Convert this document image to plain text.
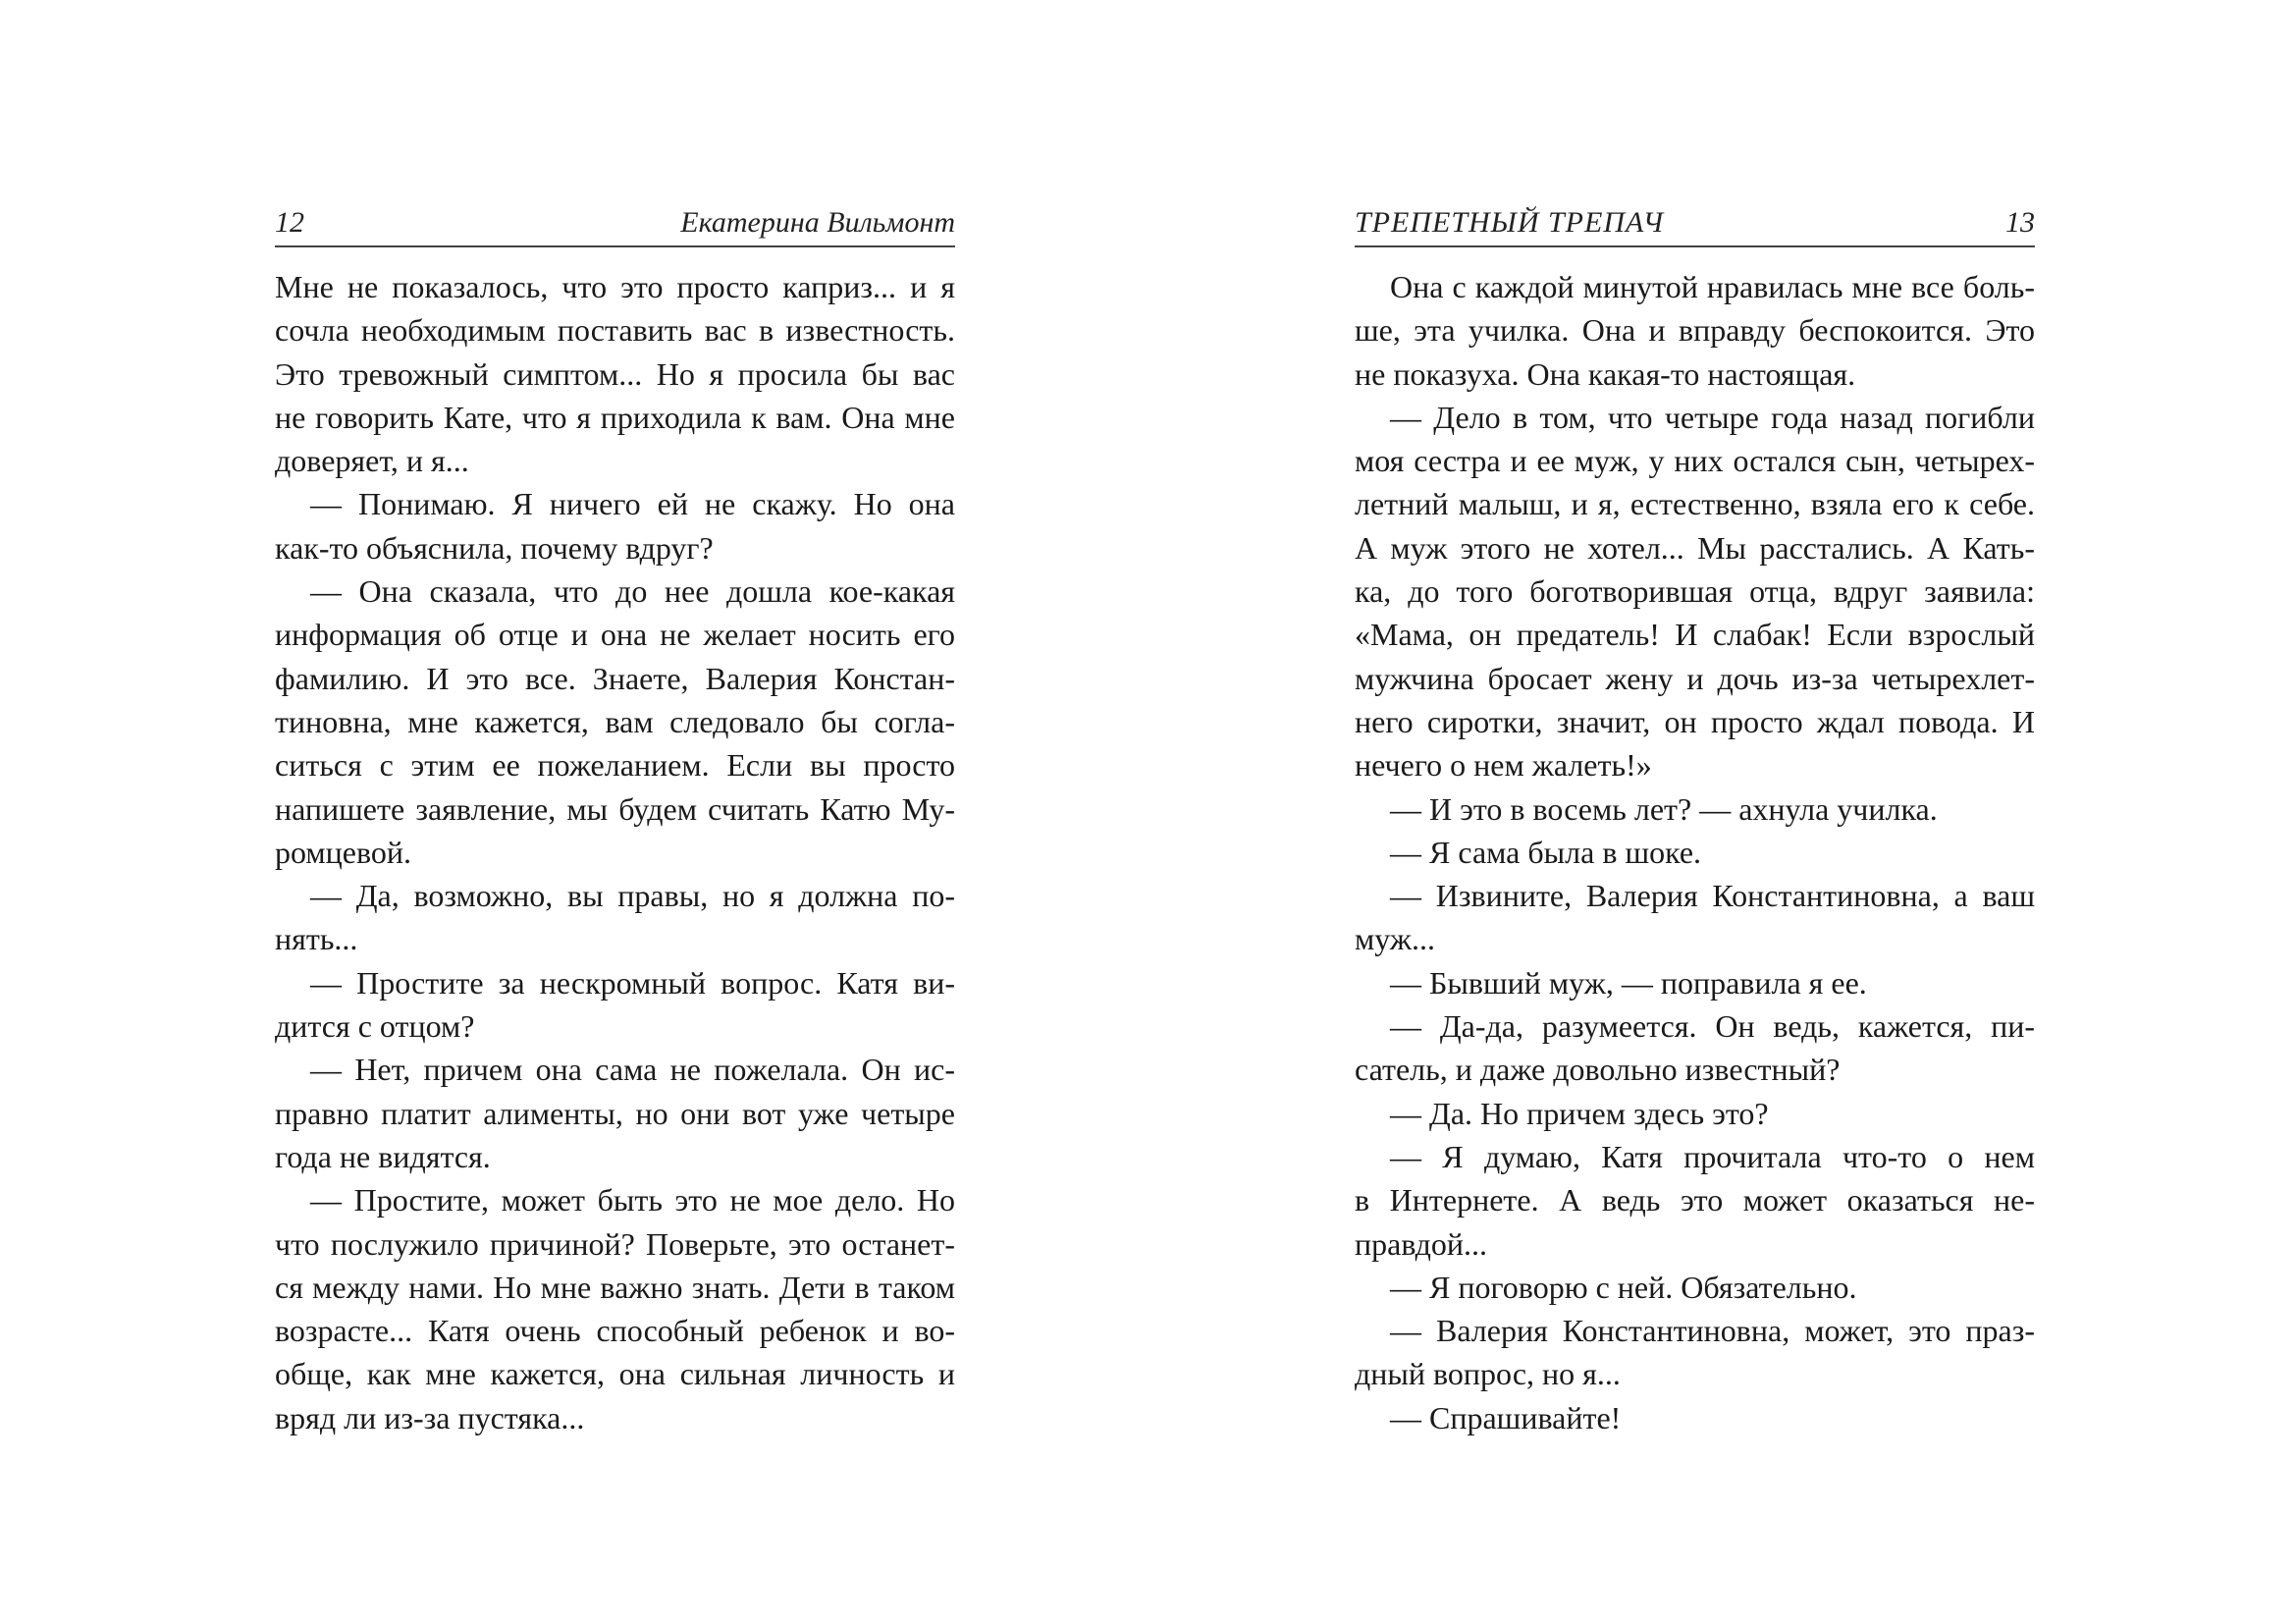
12	Екатерина Вильмонт
Мне не показалось, что это просто каприз... и я
сочла необходимым поставить вас в известность.
Это тревожный симптом... Но я просила бы вас
не говорить Кате, что я приходила к вам. Она мне
доверяет, и я...
— Понимаю. Я ничего ей не скажу. Но она
как-то объяснила, почему вдруг?
— Она сказала, что до нее дошла кое-какая
информация об отце и она не желает носить его
фамилию. И это все. Знаете, Валерия Констан-
тиновна, мне кажется, вам следовало бы согла-
ситься с этим ее пожеланием. Если вы просто
напишете заявление, мы будем считать Катю Му-
ромцевой.
— Да, возможно, вы правы, но я должна по-
нять...
— Простите за нескромный вопрос. Катя ви-
дится с отцом?
— Нет, причем она сама не пожелала. Он ис-
правно платит алименты, но они вот уже четыре
года не видятся.
— Простите, может быть это не мое дело. Но
что послужило причиной? Поверьте, это останет-
ся между нами. Но мне важно знать. Дети в таком
возрасте... Катя очень способный ребенок и во-
обще, как мне кажется, она сильная личность и
вряд ли из-за пустяка...
ТРЕПЕТНЫЙ ТРЕПАЧ	13
Она с каждой минутой нравилась мне все боль-
ше, эта училка. Она и вправду беспокоится. Это
не показуха. Она какая-то настоящая.
— Дело в том, что четыре года назад погибли
моя сестра и ее муж, у них остался сын, четырех-
летний малыш, и я, естественно, взяла его к себе.
А муж этого не хотел... Мы расстались. А Кать-
ка, до того боготворившая отца, вдруг заявила:
«Мама, он предатель! И слабак! Если взрослый
мужчина бросает жену и дочь из-за четырехлет-
него сиротки, значит, он просто ждал повода. И
нечего о нем жалеть!»
— И это в восемь лет? — ахнула училка.
— Я сама была в шоке.
— Извините, Валерия Константиновна, а ваш
муж...
— Бывший муж, — поправила я ее.
— Да-да, разумеется. Он ведь, кажется, пи-
сатель, и даже довольно известный?
— Да. Но причем здесь это?
— Я думаю, Катя прочитала что-то о нем
в Интернете. А ведь это может оказаться не-
правдой...
— Я поговорю с ней. Обязательно.
— Валерия Константиновна, может, это праз-
дный вопрос, но я...
— Спрашивайте!
